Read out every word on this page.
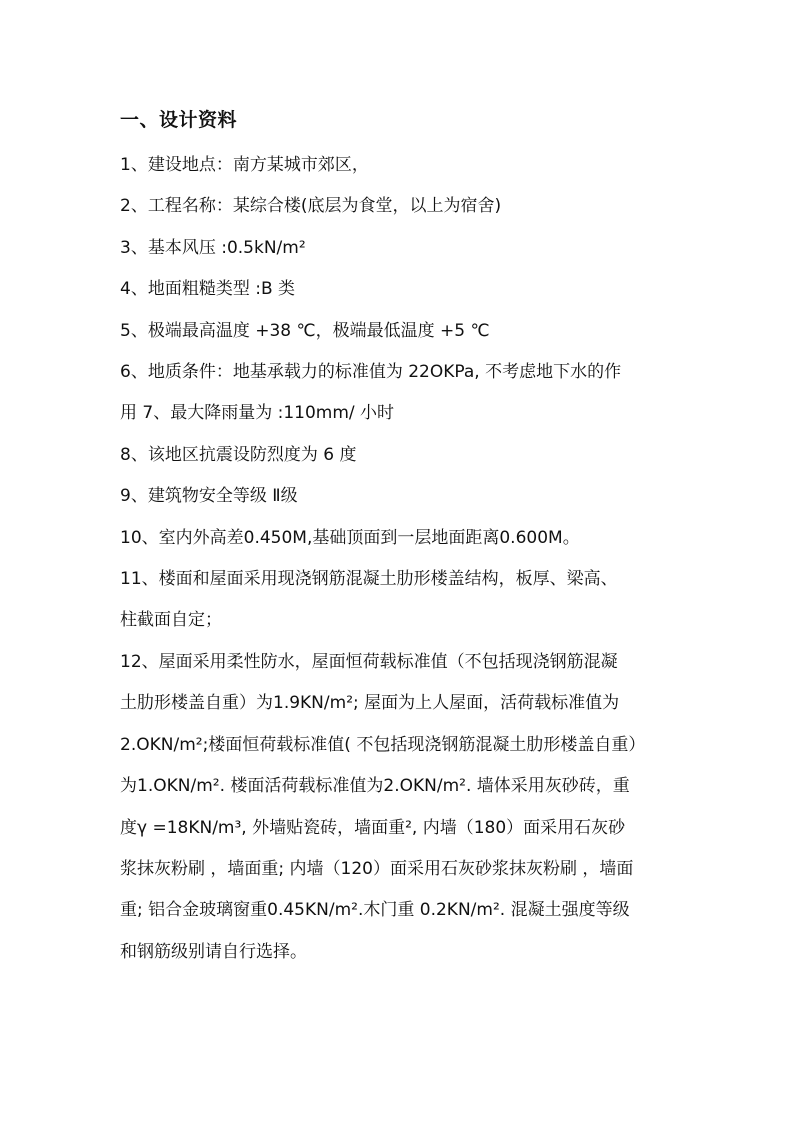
一、设计资料

1、建设地点：南方某城市郊区，

2、工程名称：某综合楼(底层为食堂，以上为宿舍)

3、基本风压 :0.5kN/m²

4、地面粗糙类型 :B 类

5、极端最高温度 +38 ℃，极端最低温度 +5 ℃

6、地质条件：地基承载力的标准值为 22OKPa, 不考虑地下水的作
用 7、最大降雨量为 :110mm/ 小时

8、该地区抗震设防烈度为 6 度

9、建筑物安全等级 Ⅱ级

10、室内外高差0.450M,基础顶面到一层地面距离0.600M。

11、楼面和屋面采用现浇钢筋混凝土肋形楼盖结构，板厚、梁高、
柱截面自定；

12、屋面采用柔性防水，屋面恒荷载标准值（不包括现浇钢筋混凝
土肋形楼盖自重）为1.9KN/m²; 屋面为上人屋面，活荷载标准值为
2.OKN/m²;楼面恒荷载标准值( 不包括现浇钢筋混凝土肋形楼盖自重）
为1.OKN/m². 楼面活荷载标准值为2.OKN/m². 墙体采用灰砂砖，重
度γ =18KN/m³, 外墙贴瓷砖，墙面重², 内墙（180）面采用石灰砂
浆抹灰粉刷 ，墙面重; 内墙（120）面采用石灰砂浆抹灰粉刷 ，墙面
重; 铝合金玻璃窗重0.45KN/m².木门重 0.2KN/m². 混凝土强度等级
和钢筋级别请自行选择。
